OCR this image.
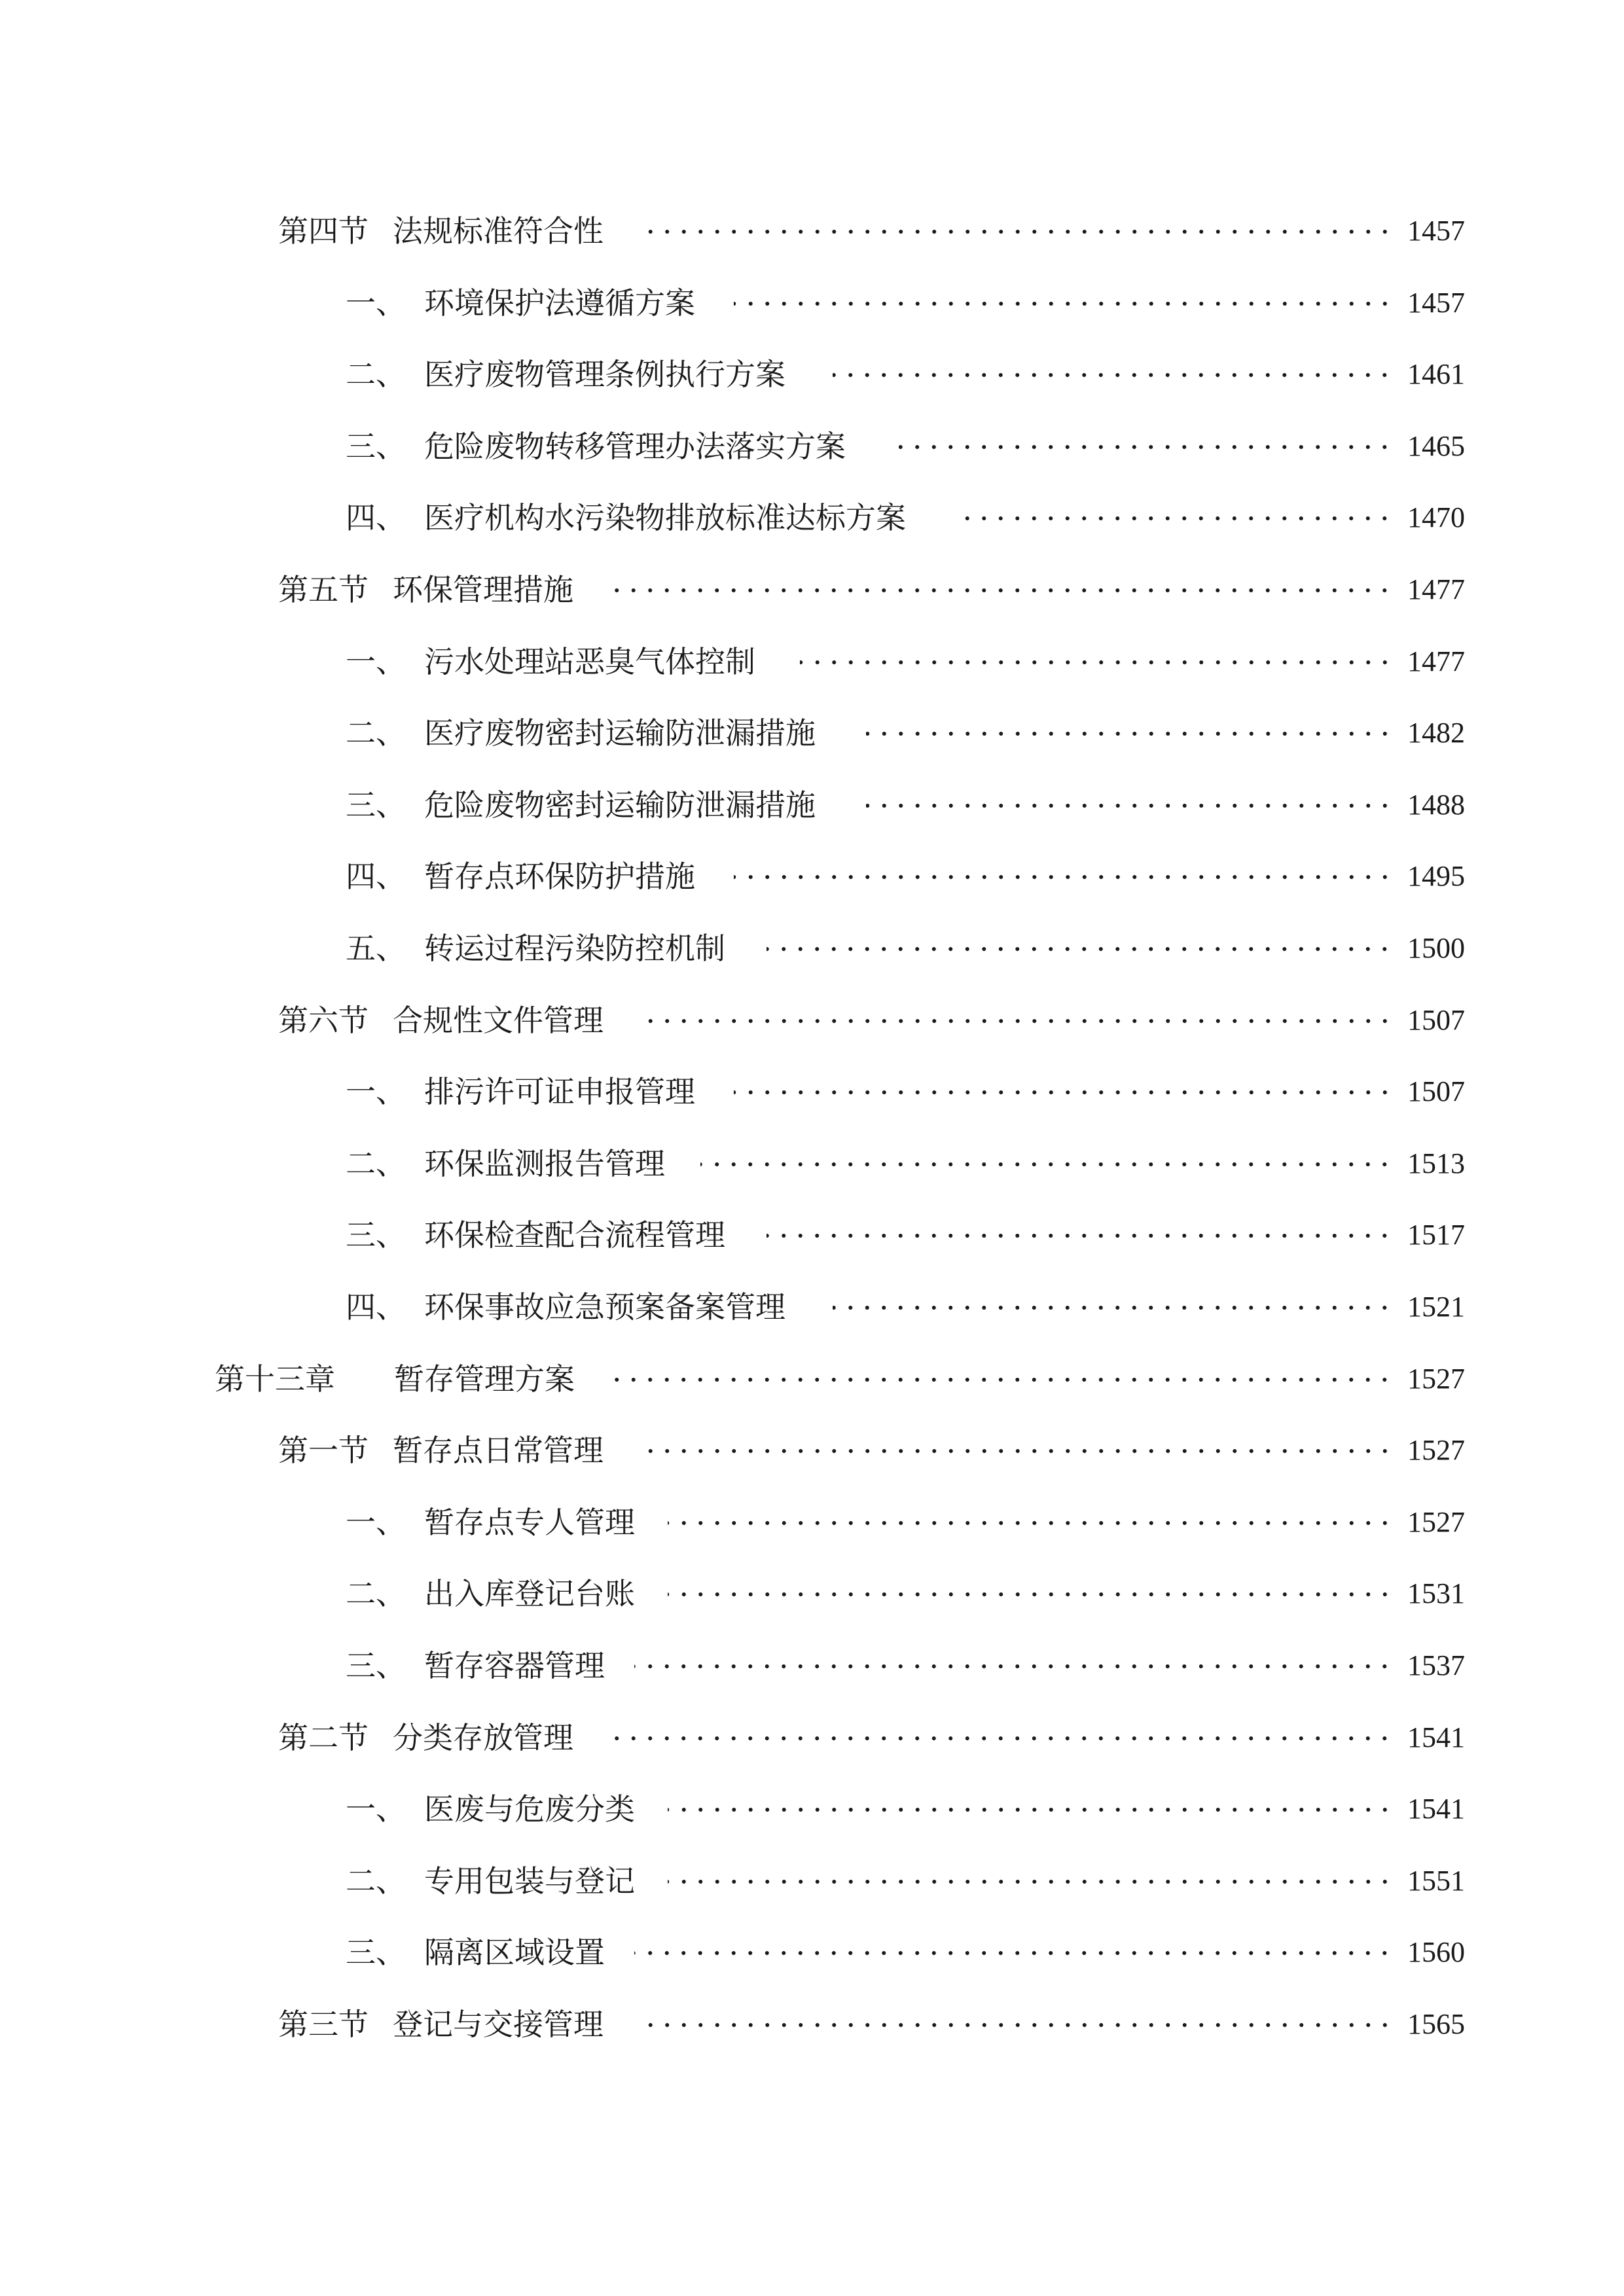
第四节 法规标准符合性	1457
一、 环境保护法遵循方案	1457
二、 医疗废物管理条例执行方案	1461
三、 危险废物转移管理办法落实方案	1465
四、 医疗机构水污染物排放标准达标方案	1470
第五节 环保管理措施	1477
一、 污水处理站恶臭气体控制	1477
二、 医疗废物密封运输防泄漏措施	1482
三、 危险废物密封运输防泄漏措施	1488
四、 暂存点环保防护措施	1495
五、 转运过程污染防控机制	1500
第六节 合规性文件管理	1507
一、 排污许可证申报管理	1507
二、 环保监测报告管理	1513
三、 环保检查配合流程管理	1517
四、 环保事故应急预案备案管理	1521
第十三章 暂存管理方案	1527
第一节 暂存点日常管理	1527
一、 暂存点专人管理	1527
二、 出入库登记台账	1531
三、 暂存容器管理	1537
第二节 分类存放管理	1541
一、 医废与危废分类	1541
二、 专用包装与登记	1551
三、 隔离区域设置	1560
第三节 登记与交接管理	1565
